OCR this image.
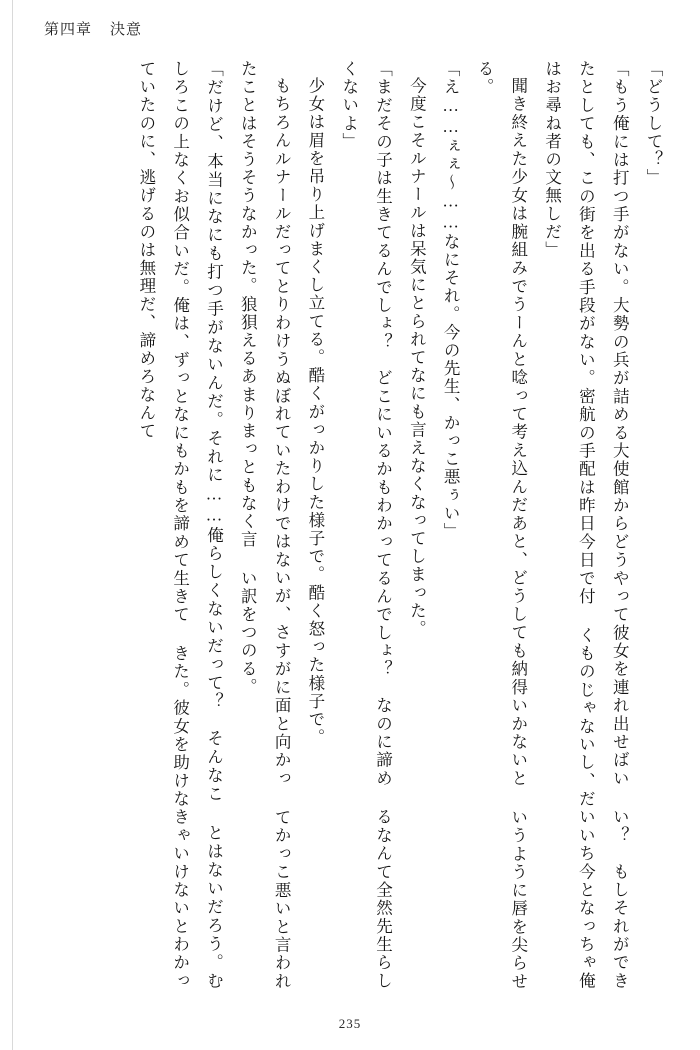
第四章 決意

「どうして？」

「もう俺には打つ手がない。大勢の兵が詰める大使館からどうやって彼女を連れ出せばい い？　もしそれができたとしても、この街を出る手段がない。密航の手配は昨日今日で付 くものじゃないし、だいいち今となっちゃ俺はお尋ね者の文無しだ」

聞き終えた少女は腕組みでうーんと唸って考え込んだあと、どうしても納得いかないと いうように唇を尖らせる。

「え……ぇぇ～……なにそれ。今の先生、かっこ悪ぅい」

今度こそルナールは呆気にとられてなにも言えなくなってしまった。

「まだその子は生きてるんでしょ？　どこにいるかもわかってるんでしょ？　なのに諦め るなんて全然先生らしくないよ」

少女は眉を吊り上げまくし立てる。酷くがっかりした様子で。酷く怒った様子で。

もちろんルナールだってとりわけうぬぼれていたわけではないが、さすがに面と向かっ てかっこ悪いと言われたことはそうそうなかった。狼狽えるあまりまっともなく言 い訳をつのる。

「だけど、本当になにも打つ手がないんだ。それに……俺らしくないだって？　そんなこ とはないだろう。むしろこの上なくお似合いだ。俺は、ずっとなにもかもを諦めて生きて きた。彼女を助けなきゃいけないとわかっていたのに、逃げるのは無理だ、諦めろなんて

235
